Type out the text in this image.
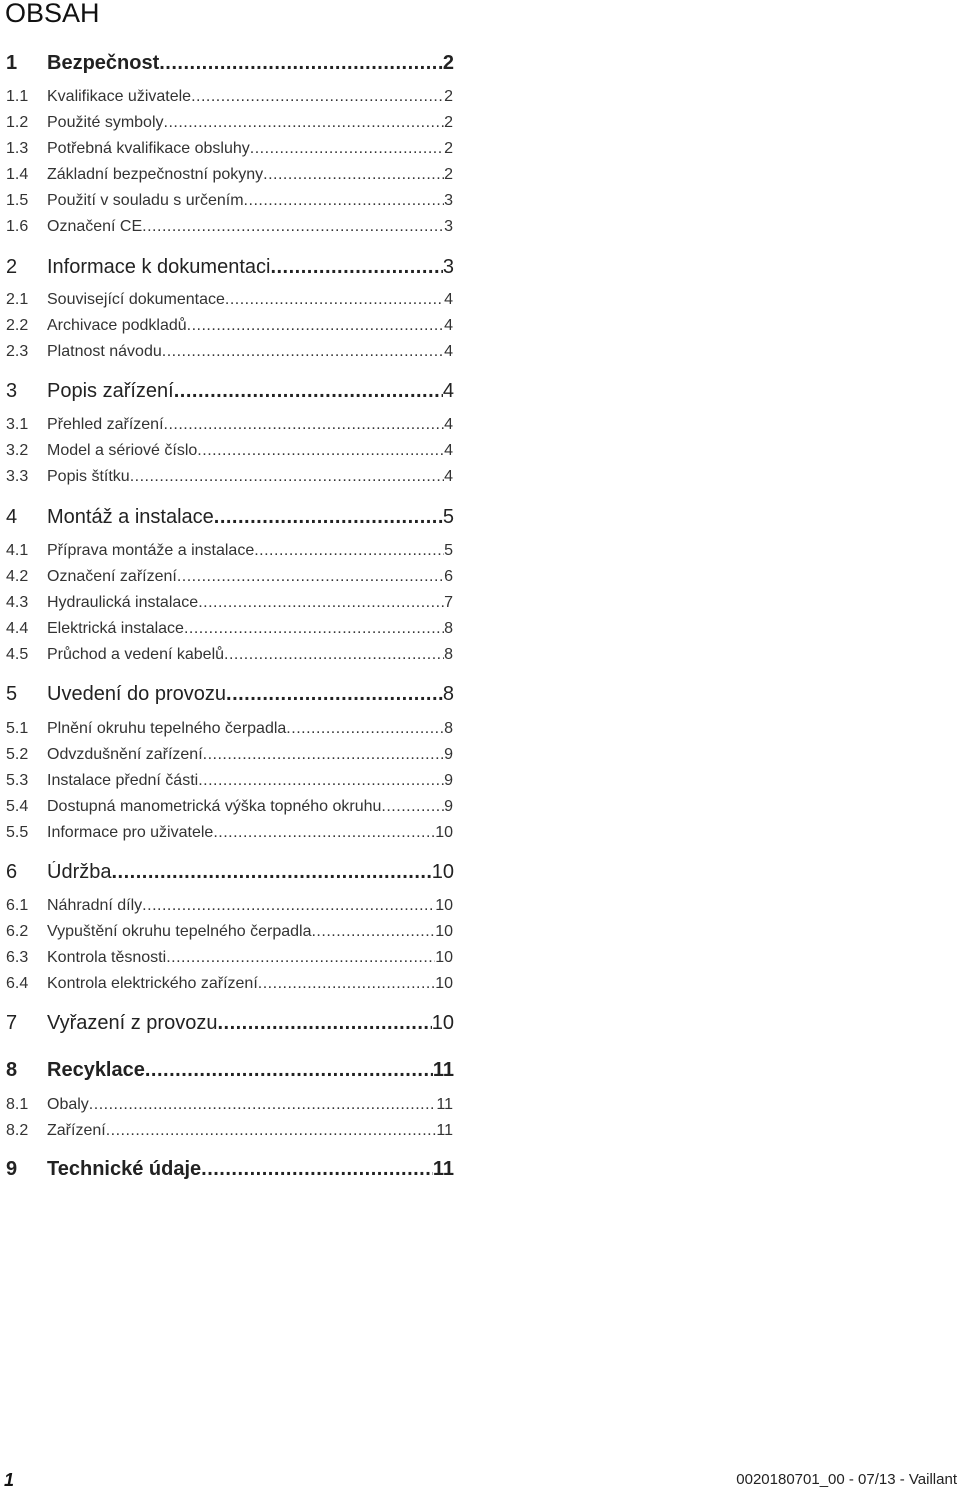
OBSAH
1 Bezpečnost .....	2
1.1 Kvalifikace uživatele .....	2
1.2 Použité symboly .....	2
1.3 Potřebná kvalifikace obsluhy .....	2
1.4 Základní bezpečnostní pokyny .....	2
1.5 Použití v souladu s určením .....	3
1.6 Označení CE .....	3
2 Informace k dokumentaci .....	3
2.1 Související dokumentace .....	4
2.2 Archivace podkladů .....	4
2.3 Platnost návodu .....	4
3 Popis zařízení .....	4
3.1 Přehled zařízení .....	4
3.2 Model a sériové číslo .....	4
3.3 Popis štítku .....	4
4 Montáž a instalace .....	5
4.1 Příprava montáže a instalace .....	5
4.2 Označení zařízení .....	6
4.3 Hydraulická instalace .....	7
4.4 Elektrická instalace .....	8
4.5 Průchod a vedení kabelů .....	8
5 Uvedení do provozu .....	8
5.1 Plnění okruhu tepelného čerpadla .....	8
5.2 Odvzdušnění zařízení .....	9
5.3 Instalace přední části .....	9
5.4 Dostupná manometrická výška topného okruhu .....	9
5.5 Informace pro uživatele .....	10
6 Údržba .....	10
6.1 Náhradní díly .....	10
6.2 Vypuštění okruhu tepelného čerpadla .....	10
6.3 Kontrola těsnosti .....	10
6.4 Kontrola elektrického zařízení .....	10
7 Vyřazení z provozu .....	10
8 Recyklace .....	11
8.1 Obaly .....	11
8.2 Zařízení .....	11
9 Technické údaje .....	11
1	0020180701_00 - 07/13 - Vaillant
